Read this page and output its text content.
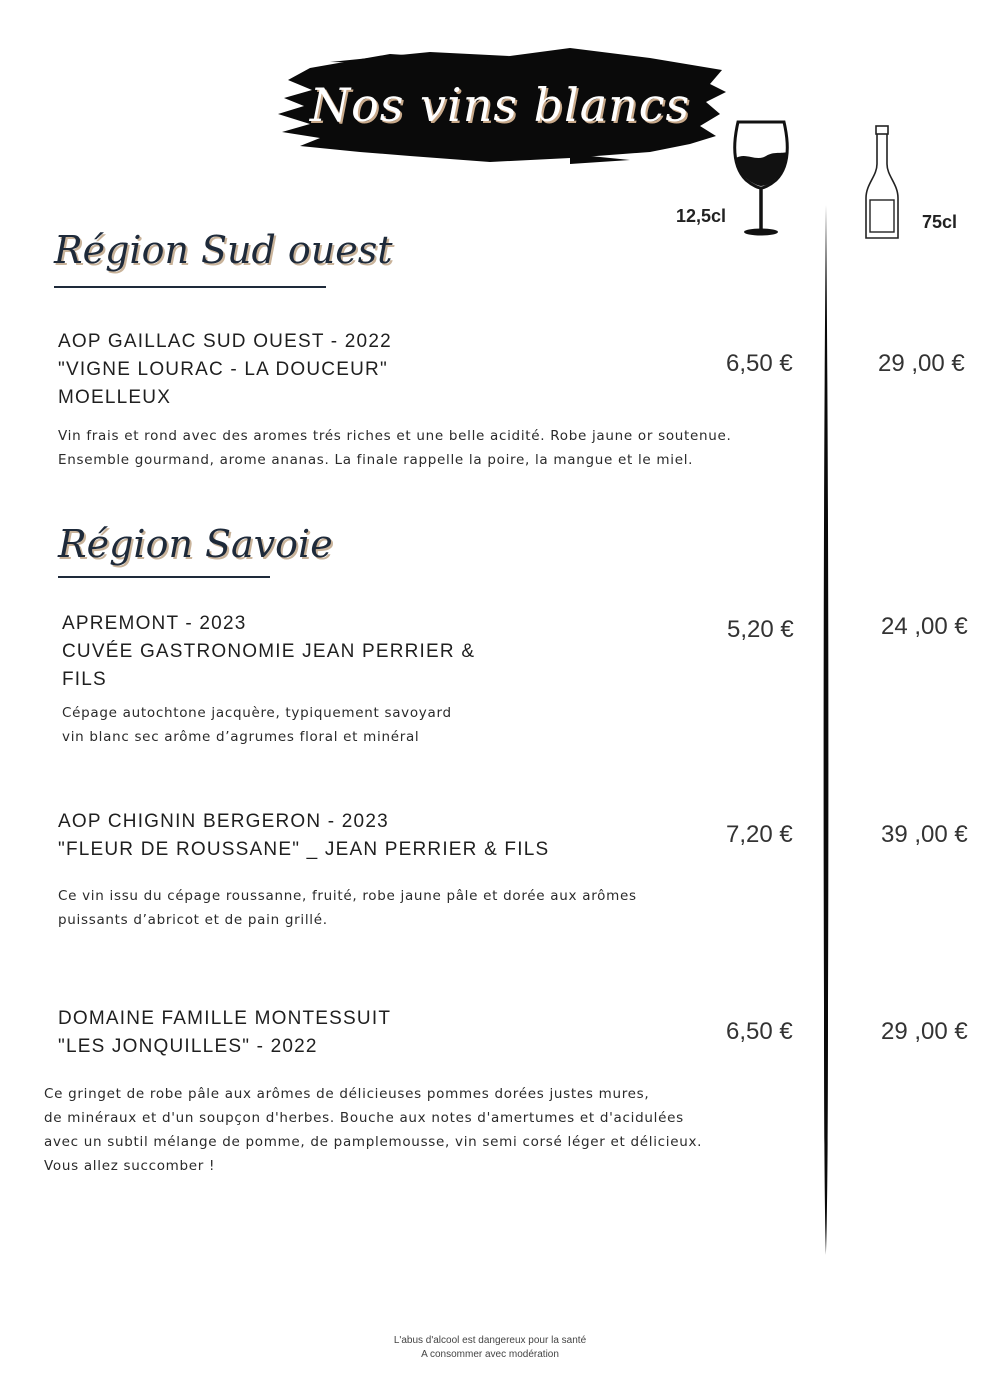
Nos vins blancs
12,5cl	75cl
Région Sud ouest
AOP GAILLAC SUD OUEST - 2022
"VIGNE LOURAC - LA DOUCEUR"
MOELLEUX
Vin frais et rond avec des aromes trés riches et une belle acidité. Robe jaune or soutenue.
Ensemble gourmand, arome ananas. La finale rappelle la poire, la mangue et le miel.
6,50 €	29 ,00 €
Région Savoie
APREMONT - 2023
CUVÉE GASTRONOMIE JEAN PERRIER &
FILS
Cépage autochtone jacquère, typiquement savoyard
vin blanc sec arôme d’agrumes floral et minéral
5,20 €	24 ,00 €
AOP CHIGNIN BERGERON - 2023
"FLEUR DE ROUSSANE" _ JEAN PERRIER & FILS
Ce vin issu du cépage roussanne, fruité, robe jaune pâle et dorée aux arômes
puissants d’abricot et de pain grillé.
7,20 €	39 ,00 €
DOMAINE FAMILLE MONTESSUIT
"LES JONQUILLES" - 2022
Ce gringet de robe pâle aux arômes de délicieuses pommes dorées justes mures,
de minéraux et d'un soupçon d'herbes. Bouche aux notes d'amertumes et d'acidulées
avec un subtil mélange de pomme, de pamplemousse, vin semi corsé léger et délicieux.
Vous allez succomber !
6,50 €	29 ,00 €
L'abus d'alcool est dangereux pour la santé
A consommer avec modération
